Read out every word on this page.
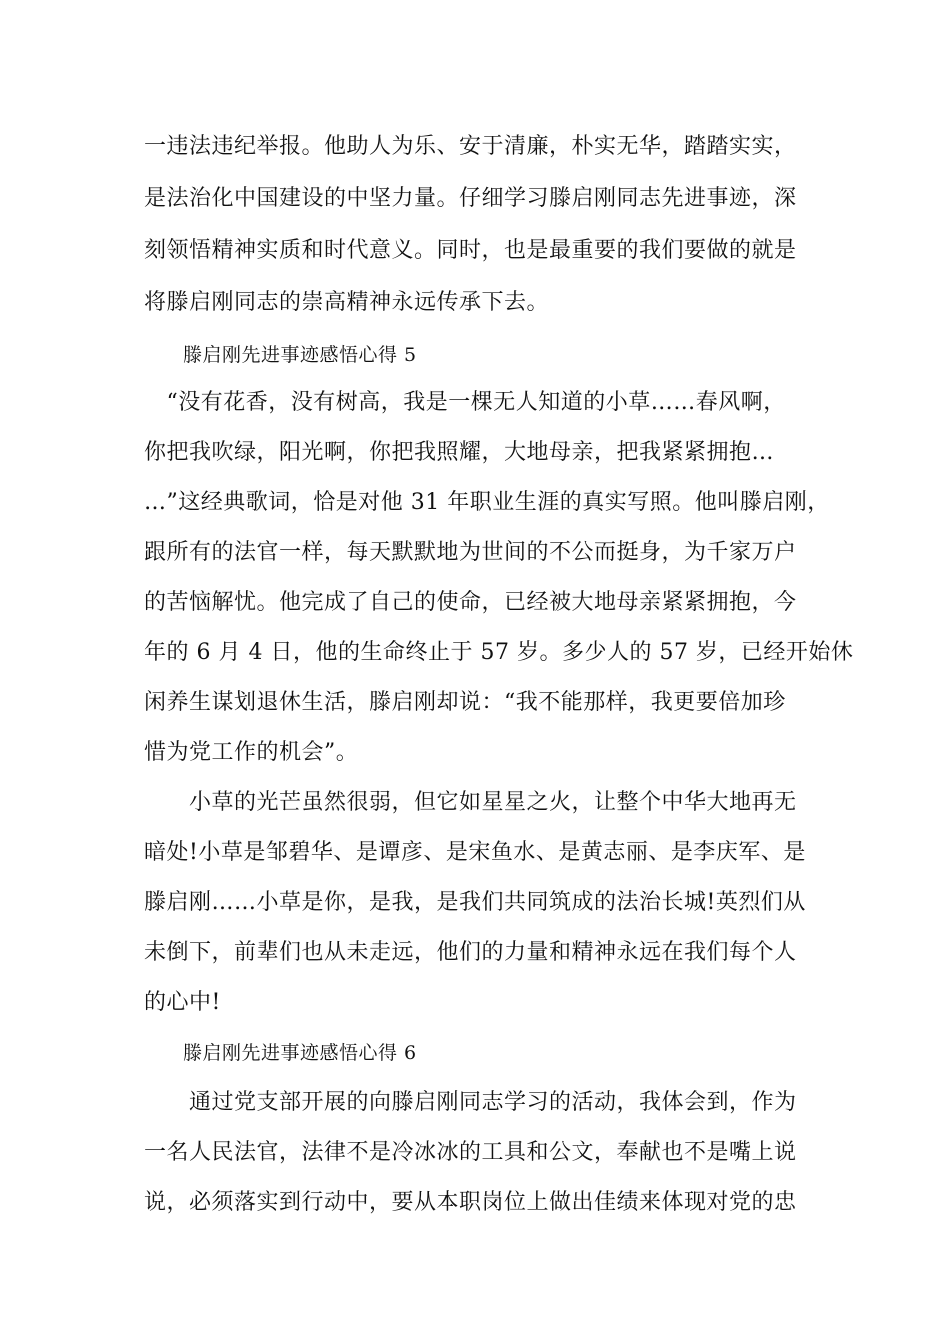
一违法违纪举报。他助人为乐、安于清廉，朴实无华，踏踏实实，
是法治化中国建设的中坚力量。仔细学习滕启刚同志先进事迹，深
刻领悟精神实质和时代意义。同时，也是最重要的我们要做的就是
将滕启刚同志的崇高精神永远传承下去。
　　滕启刚先进事迹感悟心得 5
　“没有花香，没有树高，我是一棵无人知道的小草……春风啊，
你把我吹绿，阳光啊，你把我照耀，大地母亲，把我紧紧拥抱…
…”这经典歌词，恰是对他 31 年职业生涯的真实写照。他叫滕启刚，
跟所有的法官一样，每天默默地为世间的不公而挺身，为千家万户
的苦恼解忧。他完成了自己的使命，已经被大地母亲紧紧拥抱，今
年的 6 月 4 日，他的生命终止于 57 岁。多少人的 57 岁，已经开始休
闲养生谋划退休生活，滕启刚却说：“我不能那样，我更要倍加珍
惜为党工作的机会”。
　　小草的光芒虽然很弱，但它如星星之火，让整个中华大地再无
暗处!小草是邹碧华、是谭彦、是宋鱼水、是黄志丽、是李庆军、是
滕启刚……小草是你，是我，是我们共同筑成的法治长城!英烈们从
未倒下，前辈们也从未走远，他们的力量和精神永远在我们每个人
的心中!
　　滕启刚先进事迹感悟心得 6
　　通过党支部开展的向滕启刚同志学习的活动，我体会到，作为
一名人民法官，法律不是冷冰冰的工具和公文，奉献也不是嘴上说
说，必须落实到行动中，要从本职岗位上做出佳绩来体现对党的忠
